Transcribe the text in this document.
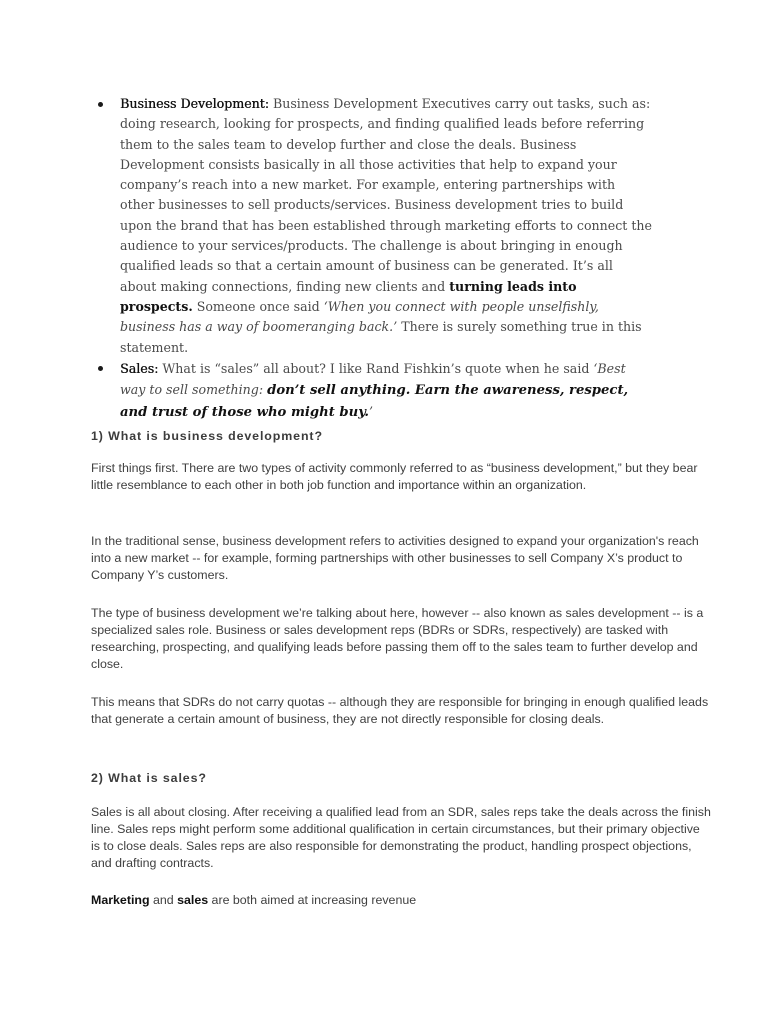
Business Development: Business Development Executives carry out tasks, such as: doing research, looking for prospects, and finding qualified leads before referring them to the sales team to develop further and close the deals. Business Development consists basically in all those activities that help to expand your company’s reach into a new market. For example, entering partnerships with other businesses to sell products/services. Business development tries to build upon the brand that has been established through marketing efforts to connect the audience to your services/products. The challenge is about bringing in enough qualified leads so that a certain amount of business can be generated. It’s all about making connections, finding new clients and turning leads into prospects. Someone once said ‘When you connect with people unselfishly, business has a way of boomeranging back.’ There is surely something true in this statement.
Sales: What is “sales” all about? I like Rand Fishkin’s quote when he said ‘Best way to sell something: don’t sell anything. Earn the awareness, respect, and trust of those who might buy.’

1) What is business development?

First things first. There are two types of activity commonly referred to as “business development,” but they bear little resemblance to each other in both job function and importance within an organization.

In the traditional sense, business development refers to activities designed to expand your organization's reach into a new market -- for example, forming partnerships with other businesses to sell Company X’s product to Company Y’s customers.

The type of business development we’re talking about here, however -- also known as sales development -- is a specialized sales role. Business or sales development reps (BDRs or SDRs, respectively) are tasked with researching, prospecting, and qualifying leads before passing them off to the sales team to further develop and close.

This means that SDRs do not carry quotas -- although they are responsible for bringing in enough qualified leads that generate a certain amount of business, they are not directly responsible for closing deals.

2) What is sales?

Sales is all about closing. After receiving a qualified lead from an SDR, sales reps take the deals across the finish line. Sales reps might perform some additional qualification in certain circumstances, but their primary objective is to close deals. Sales reps are also responsible for demonstrating the product, handling prospect objections, and drafting contracts.

Marketing and sales are both aimed at increasing revenue
